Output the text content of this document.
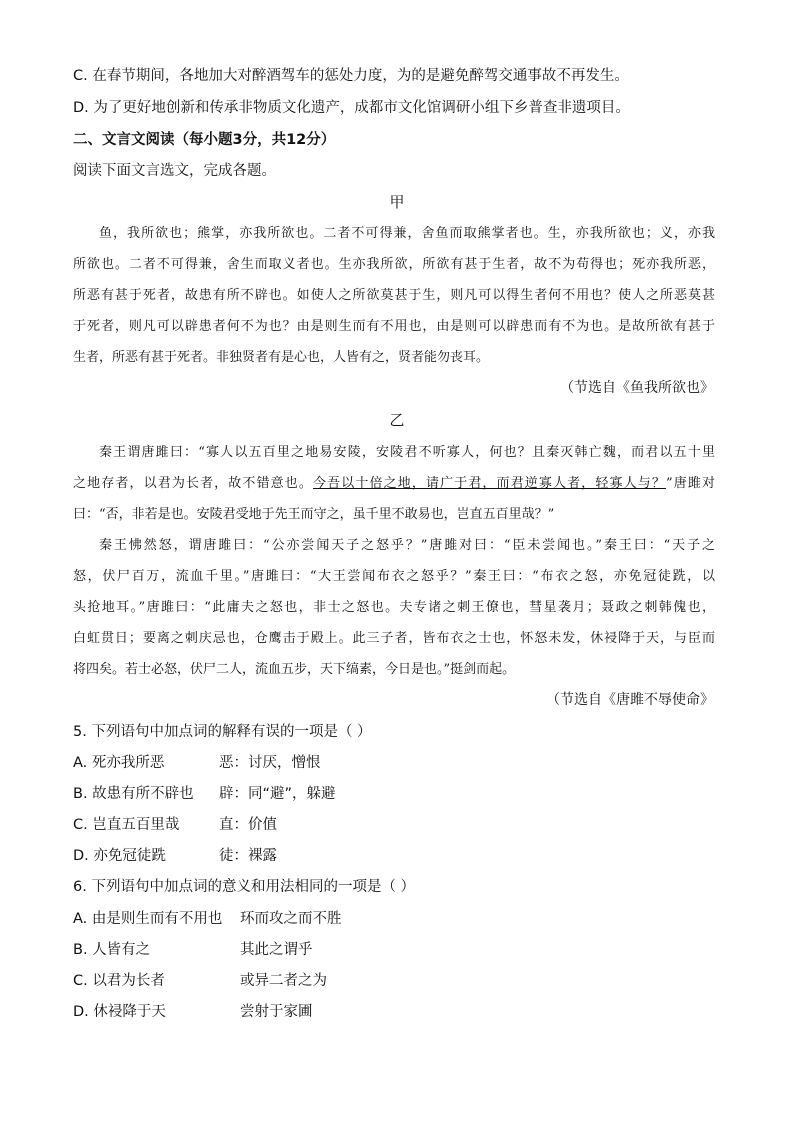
C. 在春节期间，各地加大对醉酒驾车的惩处力度，为的是避免醉驾交通事故不再发生。
D. 为了更好地创新和传承非物质文化遗产，成都市文化馆调研小组下乡普查非遗项目。
二、文言文阅读（每小题3分，共12分）
阅读下面文言选文，完成各题。
甲
鱼，我所欲也；熊掌，亦我所欲也。二者不可得兼，舍鱼而取熊掌者也。生，亦我所欲也；义，亦我
所欲也。二者不可得兼，舍生而取义者也。生亦我所欲，所欲有甚于生者，故不为苟得也；死亦我所恶，
所恶有甚于死者，故患有所不辟也。如使人之所欲莫甚于生，则凡可以得生者何不用也？使人之所恶莫甚
于死者，则凡可以辟患者何不为也？由是则生而有不用也，由是则可以辟患而有不为也。是故所欲有甚于
生者，所恶有甚于死者。非独贤者有是心也，人皆有之，贤者能勿丧耳。
（节选自《鱼我所欲也》
乙
秦王谓唐雎曰：“寡人以五百里之地易安陵，安陵君不听寡人，何也？且秦灭韩亡魏，而君以五十里
之地存者，以君为长者，故不错意也。今吾以十倍之地，请广于君，而君逆寡人者，轻寡人与？”唐雎对
曰：“否，非若是也。安陵君受地于先王而守之，虽千里不敢易也，岂直五百里哉？”
秦王怫然怒，谓唐雎曰：“公亦尝闻天子之怒乎？”唐雎对曰：“臣未尝闻也。”秦王曰：“天子之
怒，伏尸百万，流血千里。”唐雎曰：“大王尝闻布衣之怒乎？”秦王曰：“布衣之怒，亦免冠徒跣，以
头抢地耳。”唐雎曰：“此庸夫之怒也，非士之怒也。夫专诸之刺王僚也，彗星袭月；聂政之刺韩傀也，
白虹贯日；要离之刺庆忌也，仓鹰击于殿上。此三子者，皆布衣之士也，怀怒未发，休祲降于天，与臣而
将四矣。若士必怒，伏尸二人，流血五步，天下缟素，今日是也。”挺剑而起。
（节选自《唐雎不辱使命》
5. 下列语句中加点词的解释有误的一项是（ ）
A. 死亦我所恶	恶：讨厌，憎恨
B. 故患有所不辟也 辟：同“避”，躲避
C. 岂直五百里哉	直：价值
D. 亦免冠徒跣	徒：裸露
6. 下列语句中加点词的意义和用法相同的一项是（ ）
A. 由是则生而有不用也 环而攻之而不胜
B. 人皆有之	其此之谓乎
C. 以君为长者	或异二者之为
D. 休祲降于天	尝射于家圃
